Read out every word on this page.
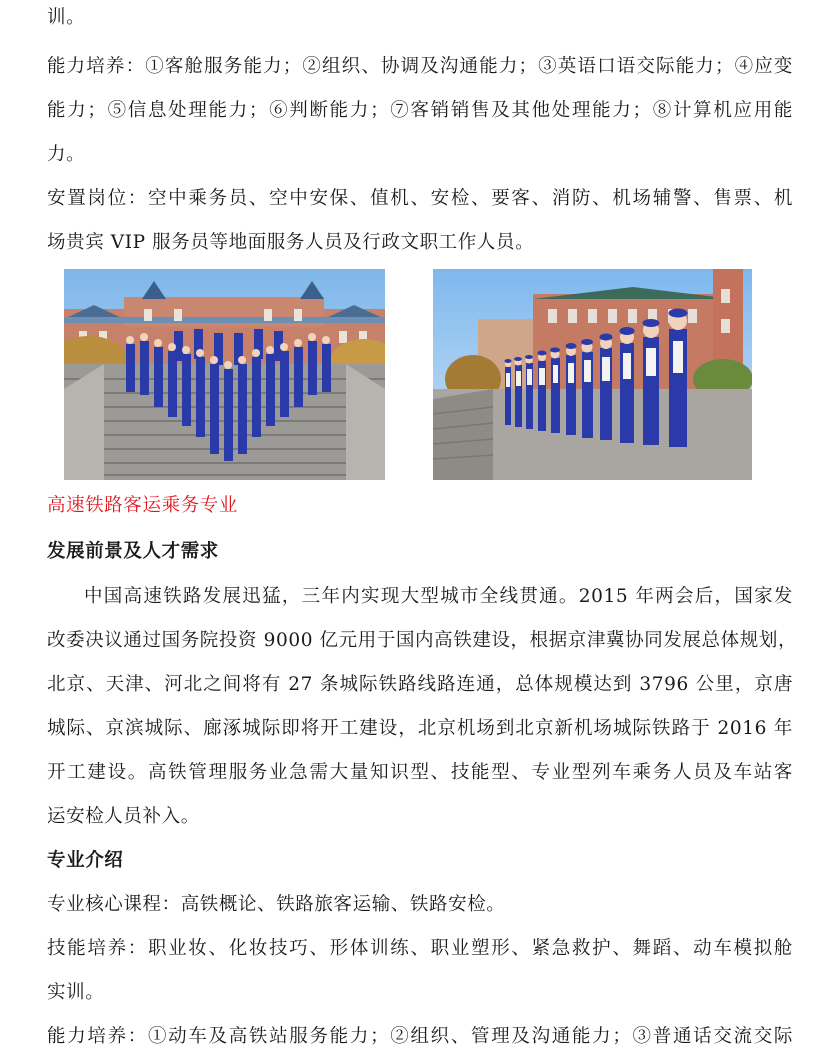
训。
能力培养：①客舱服务能力；②组织、协调及沟通能力；③英语口语交际能力；④应变
能力；⑤信息处理能力；⑥判断能力；⑦客销销售及其他处理能力；⑧计算机应用能
力。
安置岗位：空中乘务员、空中安保、值机、安检、要客、消防、机场辅警、售票、机
场贵宾 VIP 服务员等地面服务人员及行政文职工作人员。
高速铁路客运乘务专业
发展前景及人才需求
中国高速铁路发展迅猛，三年内实现大型城市全线贯通。2015 年两会后，国家发
改委决议通过国务院投资 9000 亿元用于国内高铁建设，根据京津冀协同发展总体规划，
北京、天津、河北之间将有 27 条城际铁路线路连通，总体规模达到 3796 公里，京唐
城际、京滨城际、廊涿城际即将开工建设，北京机场到北京新机场城际铁路于 2016 年
开工建设。高铁管理服务业急需大量知识型、技能型、专业型列车乘务人员及车站客
运安检人员补入。
专业介绍
专业核心课程：高铁概论、铁路旅客运输、铁路安检。
技能培养：职业妆、化妆技巧、形体训练、职业塑形、紧急救护、舞蹈、动车模拟舱
实训。
能力培养：①动车及高铁站服务能力；②组织、管理及沟通能力；③普通话交流交际
